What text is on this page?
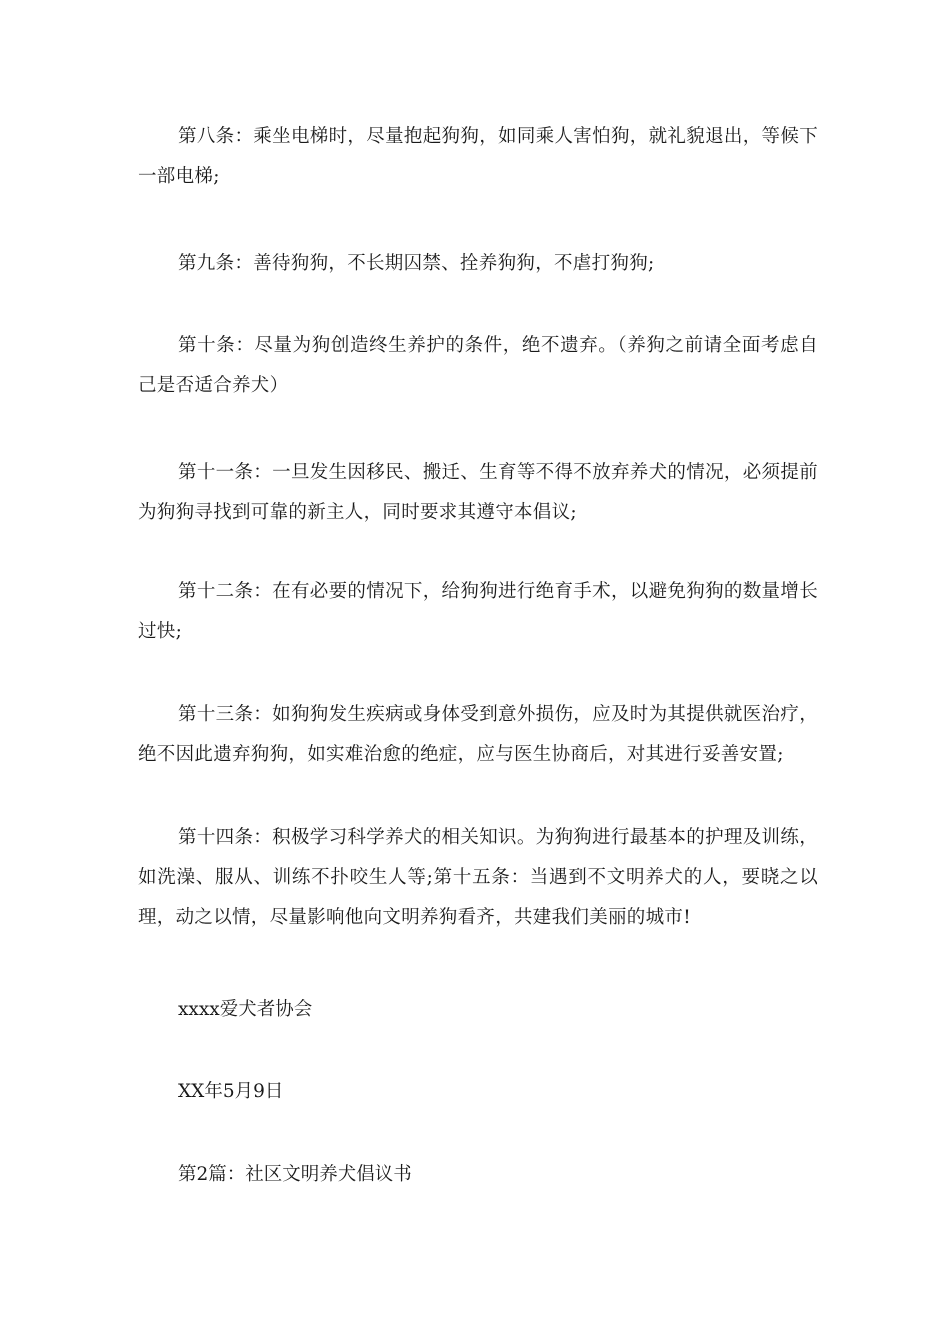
第八条：乘坐电梯时，尽量抱起狗狗，如同乘人害怕狗，就礼貌退出，等候下一部电梯;

第九条：善待狗狗，不长期囚禁、拴养狗狗，不虐打狗狗;

第十条：尽量为狗创造终生养护的条件，绝不遗弃。（养狗之前请全面考虑自己是否适合养犬）

第十一条：一旦发生因移民、搬迁、生育等不得不放弃养犬的情况，必须提前为狗狗寻找到可靠的新主人，同时要求其遵守本倡议;

第十二条：在有必要的情况下，给狗狗进行绝育手术，以避免狗狗的数量增长过快;

第十三条：如狗狗发生疾病或身体受到意外损伤，应及时为其提供就医治疗，绝不因此遗弃狗狗，如实难治愈的绝症，应与医生协商后，对其进行妥善安置;

第十四条：积极学习科学养犬的相关知识。为狗狗进行最基本的护理及训练，如洗澡、服从、训练不扑咬生人等;第十五条：当遇到不文明养犬的人，要晓之以理，动之以情，尽量影响他向文明养狗看齐，共建我们美丽的城市!

xxxx爱犬者协会

XX年5月9日

第2篇：社区文明养犬倡议书
